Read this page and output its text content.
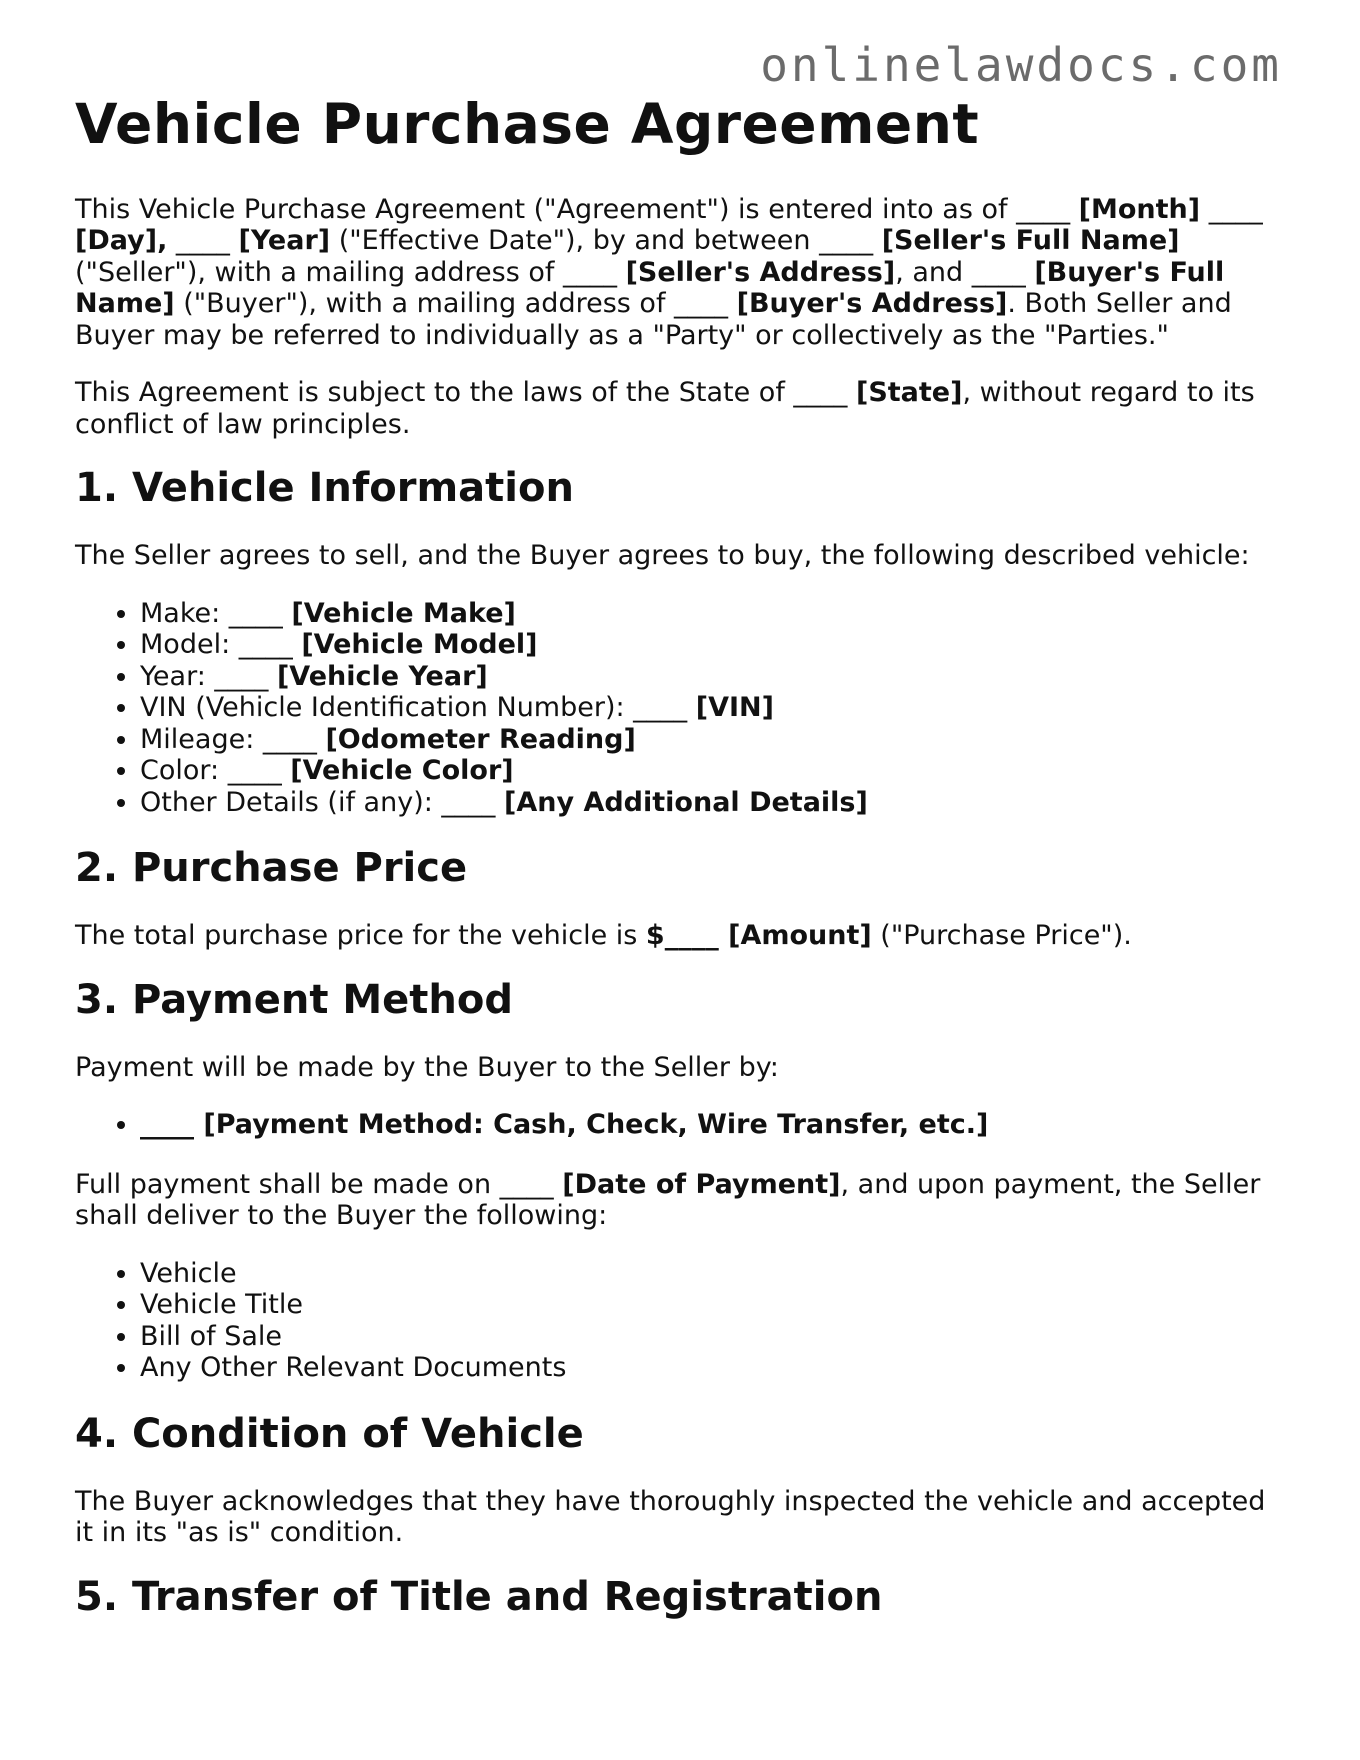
onlinelawdocs.com
Vehicle Purchase Agreement

This Vehicle Purchase Agreement ("Agreement") is entered into as of ____ [Month] ____ [Day], ____ [Year] ("Effective Date"), by and between ____ [Seller's Full Name] ("Seller"), with a mailing address of ____ [Seller's Address], and ____ [Buyer's Full Name] ("Buyer"), with a mailing address of ____ [Buyer's Address]. Both Seller and Buyer may be referred to individually as a "Party" or collectively as the "Parties."

This Agreement is subject to the laws of the State of ____ [State], without regard to its conflict of law principles.

1. Vehicle Information

The Seller agrees to sell, and the Buyer agrees to buy, the following described vehicle:

• Make: ____ [Vehicle Make]
• Model: ____ [Vehicle Model]
• Year: ____ [Vehicle Year]
• VIN (Vehicle Identification Number): ____ [VIN]
• Mileage: ____ [Odometer Reading]
• Color: ____ [Vehicle Color]
• Other Details (if any): ____ [Any Additional Details]
2. Purchase Price

The total purchase price for the vehicle is $____ [Amount] ("Purchase Price").

3. Payment Method

Payment will be made by the Buyer to the Seller by:

• ____ [Payment Method: Cash, Check, Wire Transfer, etc.]

Full payment shall be made on ____ [Date of Payment], and upon payment, the Seller shall deliver to the Buyer the following:

• Vehicle
• Vehicle Title
• Bill of Sale
• Any Other Relevant Documents
4. Condition of Vehicle

The Buyer acknowledges that they have thoroughly inspected the vehicle and accepted it in its "as is" condition.

5. Transfer of Title and Registration
